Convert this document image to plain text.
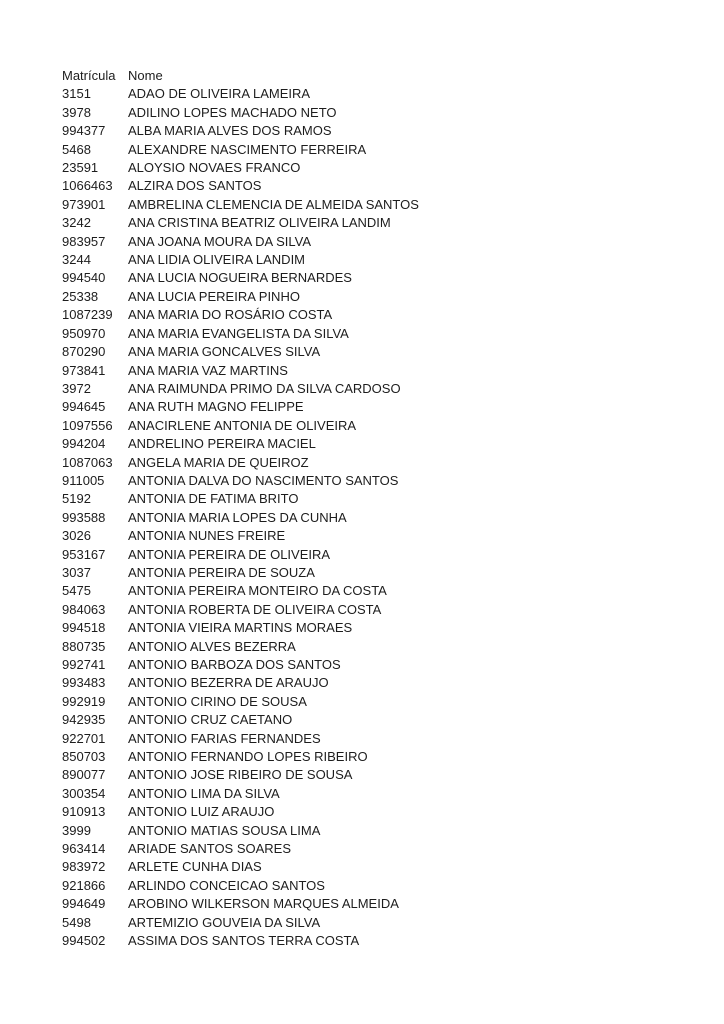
Matrícula Nome
3151	ADAO DE OLIVEIRA LAMEIRA
3978	ADILINO LOPES MACHADO NETO
994377	ALBA MARIA ALVES DOS RAMOS
5468	ALEXANDRE NASCIMENTO FERREIRA
23591	ALOYSIO NOVAES FRANCO
1066463	ALZIRA DOS SANTOS
973901	AMBRELINA CLEMENCIA DE ALMEIDA SANTOS
3242	ANA CRISTINA BEATRIZ OLIVEIRA LANDIM
983957	ANA JOANA MOURA DA SILVA
3244	ANA LIDIA OLIVEIRA LANDIM
994540	ANA LUCIA NOGUEIRA BERNARDES
25338	ANA LUCIA PEREIRA PINHO
1087239	ANA MARIA DO ROSÁRIO COSTA
950970	ANA MARIA EVANGELISTA DA SILVA
870290	ANA MARIA GONCALVES SILVA
973841	ANA MARIA VAZ MARTINS
3972	ANA RAIMUNDA PRIMO DA SILVA CARDOSO
994645	ANA RUTH MAGNO FELIPPE
1097556	ANACIRLENE ANTONIA DE OLIVEIRA
994204	ANDRELINO PEREIRA MACIEL
1087063	ANGELA MARIA DE QUEIROZ
911005	ANTONIA DALVA DO NASCIMENTO SANTOS
5192	ANTONIA DE FATIMA BRITO
993588	ANTONIA MARIA LOPES DA CUNHA
3026	ANTONIA NUNES FREIRE
953167	ANTONIA PEREIRA DE OLIVEIRA
3037	ANTONIA PEREIRA DE SOUZA
5475	ANTONIA PEREIRA MONTEIRO DA COSTA
984063	ANTONIA ROBERTA DE OLIVEIRA COSTA
994518	ANTONIA VIEIRA MARTINS MORAES
880735	ANTONIO ALVES BEZERRA
992741	ANTONIO BARBOZA DOS SANTOS
993483	ANTONIO BEZERRA DE ARAUJO
992919	ANTONIO CIRINO DE SOUSA
942935	ANTONIO CRUZ CAETANO
922701	ANTONIO FARIAS FERNANDES
850703	ANTONIO FERNANDO LOPES RIBEIRO
890077	ANTONIO JOSE RIBEIRO DE SOUSA
300354	ANTONIO LIMA DA SILVA
910913	ANTONIO LUIZ ARAUJO
3999	ANTONIO MATIAS SOUSA LIMA
963414	ARIADE SANTOS SOARES
983972	ARLETE CUNHA DIAS
921866	ARLINDO CONCEICAO SANTOS
994649	AROBINO WILKERSON MARQUES ALMEIDA
5498	ARTEMIZIO GOUVEIA DA SILVA
994502	ASSIMA DOS SANTOS TERRA COSTA
